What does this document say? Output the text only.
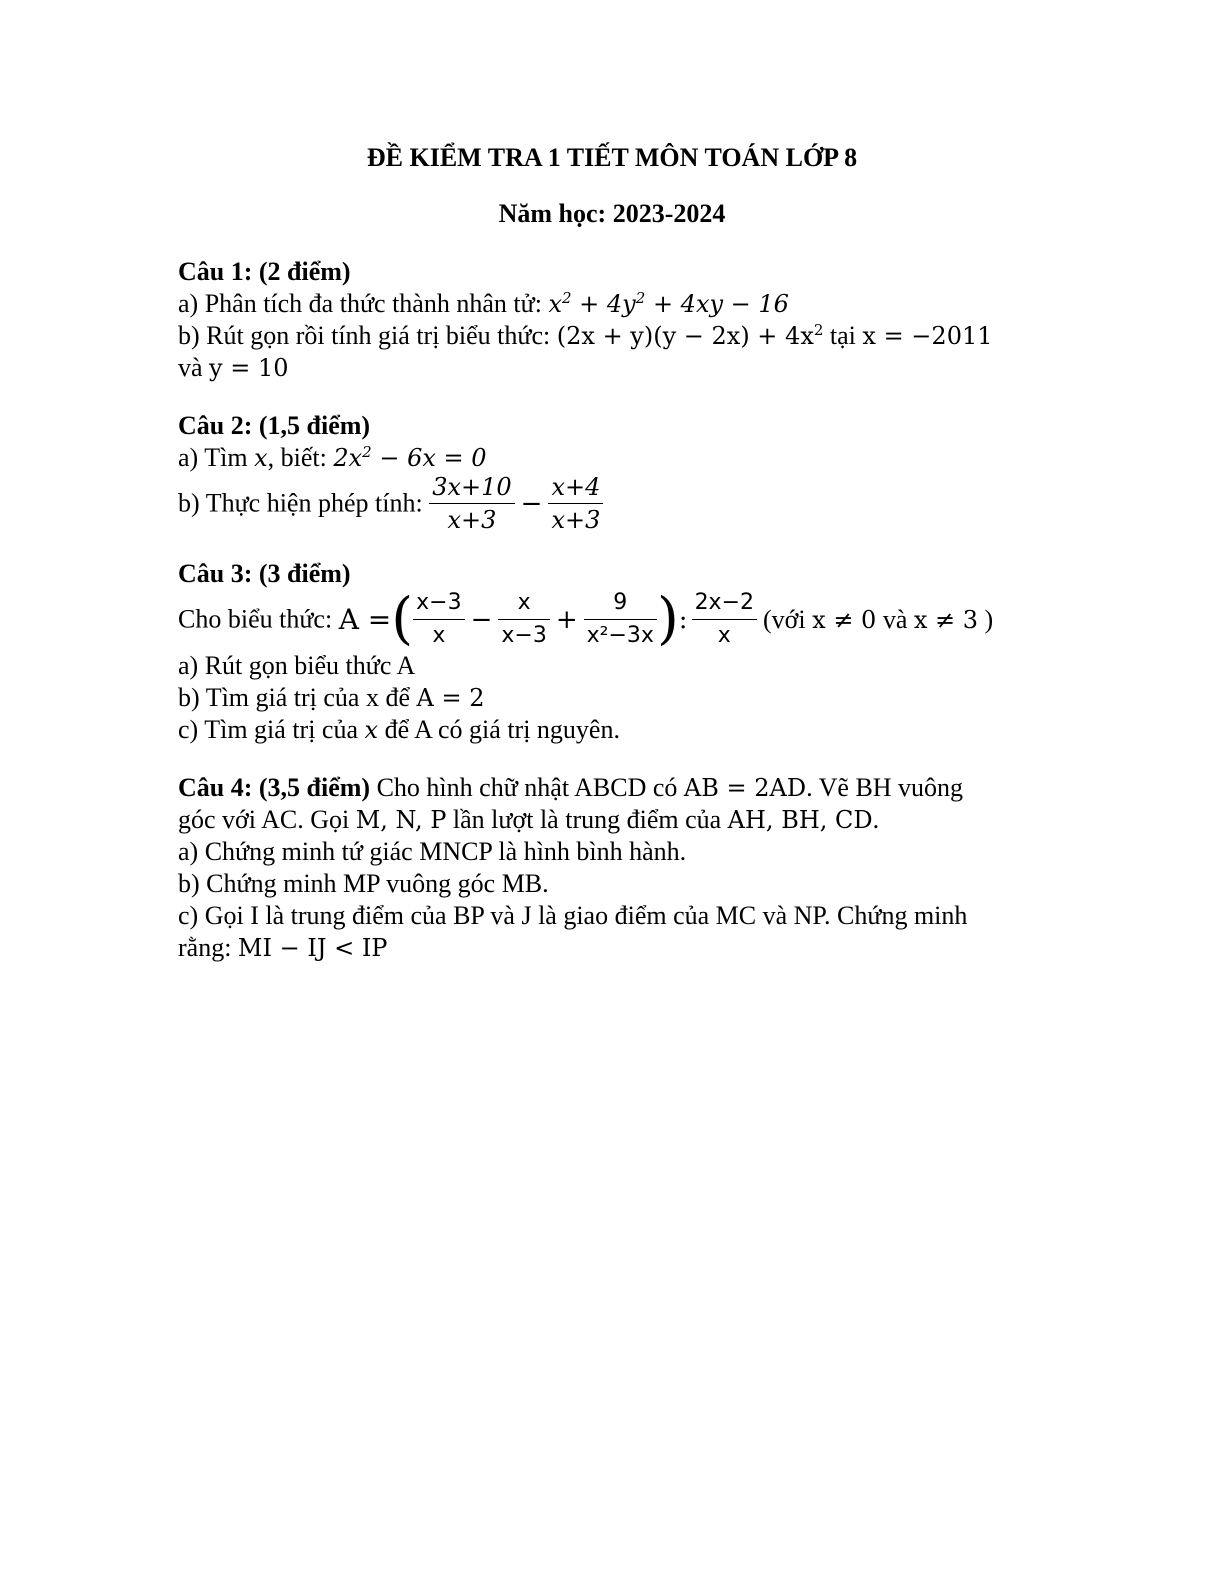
ĐỀ KIỂM TRA 1 TIẾT MÔN TOÁN LỚP 8
Năm học: 2023-2024
Câu 1: (2 điểm)
a) Phân tích đa thức thành nhân tử: $x^2 + 4y^2 + 4xy - 16$
b) Rút gọn rồi tính giá trị biểu thức: $(2x + y)(y - 2x) + 4x^2$ tại x = −2011
và y = 10
Câu 2: (1,5 điểm)
a) Tìm x, biết: $2x^2 - 6x = 0$
b) Thực hiện phép tính: $\frac{3x+10}{x+3} - \frac{x+4}{x+3}$
Câu 3: (3 điểm)
Cho biểu thức: A =( $\frac{x-3}{x} - \frac{x}{x-3} + \frac{9}{\text{x²−3x}}$ ): $\frac{2x-2}{x}$ (với x ≠ 0 và x ≠ 3 )
a) Rút gọn biểu thức A
b) Tìm giá trị của x để A = 2
c) Tìm giá trị của x để A có giá trị nguyên.
Câu 4: (3,5 điểm) Cho hình chữ nhật ABCD có AB = 2AD. Vẽ BH vuông
góc với AC. Gọi M, N, P lần lượt là trung điểm của AH, BH, CD.
a) Chứng minh tứ giác MNCP là hình bình hành.
b) Chứng minh MP vuông góc MB.
c) Gọi I là trung điểm của BP và J là giao điểm của MC và NP. Chứng minh
rằng: MI − IJ < IP
